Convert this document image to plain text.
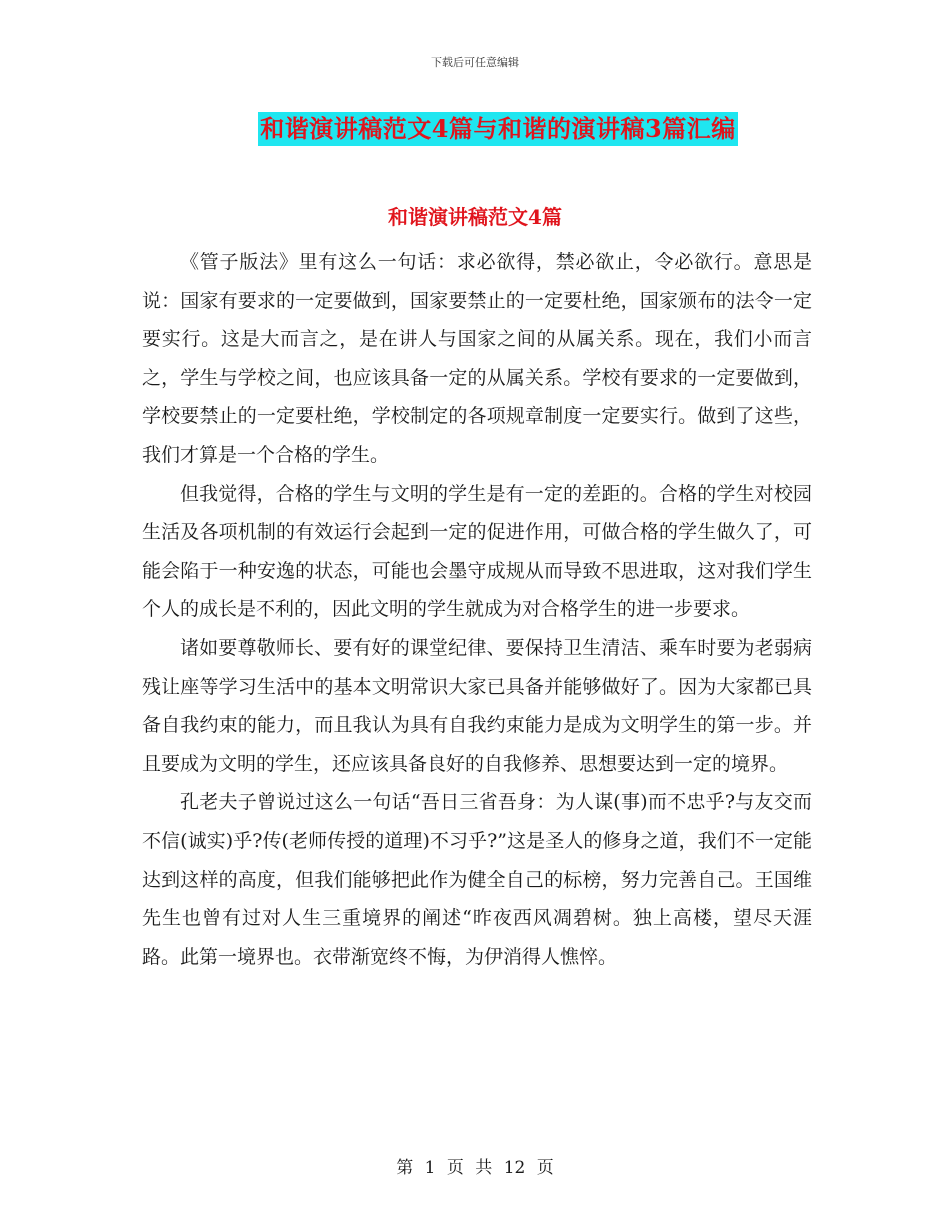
下载后可任意编辑
和谐演讲稿范文4篇与和谐的演讲稿3篇汇编
和谐演讲稿范文4篇

《管子版法》里有这么一句话：求必欲得，禁必欲止，令必欲行。意思是说：国家有要求的一定要做到，国家要禁止的一定要杜绝，国家颁布的法令一定要实行。这是大而言之，是在讲人与国家之间的从属关系。现在，我们小而言之，学生与学校之间，也应该具备一定的从属关系。学校有要求的一定要做到，学校要禁止的一定要杜绝，学校制定的各项规章制度一定要实行。做到了这些，我们才算是一个合格的学生。

但我觉得，合格的学生与文明的学生是有一定的差距的。合格的学生对校园生活及各项机制的有效运行会起到一定的促进作用，可做合格的学生做久了，可能会陷于一种安逸的状态，可能也会墨守成规从而导致不思进取，这对我们学生个人的成长是不利的，因此文明的学生就成为对合格学生的进一步要求。

诸如要尊敬师长、要有好的课堂纪律、要保持卫生清洁、乘车时要为老弱病残让座等学习生活中的基本文明常识大家已具备并能够做好了。因为大家都已具备自我约束的能力，而且我认为具有自我约束能力是成为文明学生的第一步。并且要成为文明的学生，还应该具备良好的自我修养、思想要达到一定的境界。

孔老夫子曾说过这么一句话“吾日三省吾身：为人谋(事)而不忠乎?与友交而不信(诚实)乎?传(老师传授的道理)不习乎?”这是圣人的修身之道，我们不一定能达到这样的高度，但我们能够把此作为健全自己的标榜，努力完善自己。王国维先生也曾有过对人生三重境界的阐述“昨夜西风凋碧树。独上高楼，望尽天涯路。此第一境界也。衣带渐宽终不悔，为伊消得人憔悴。

第 1 页 共 12 页
